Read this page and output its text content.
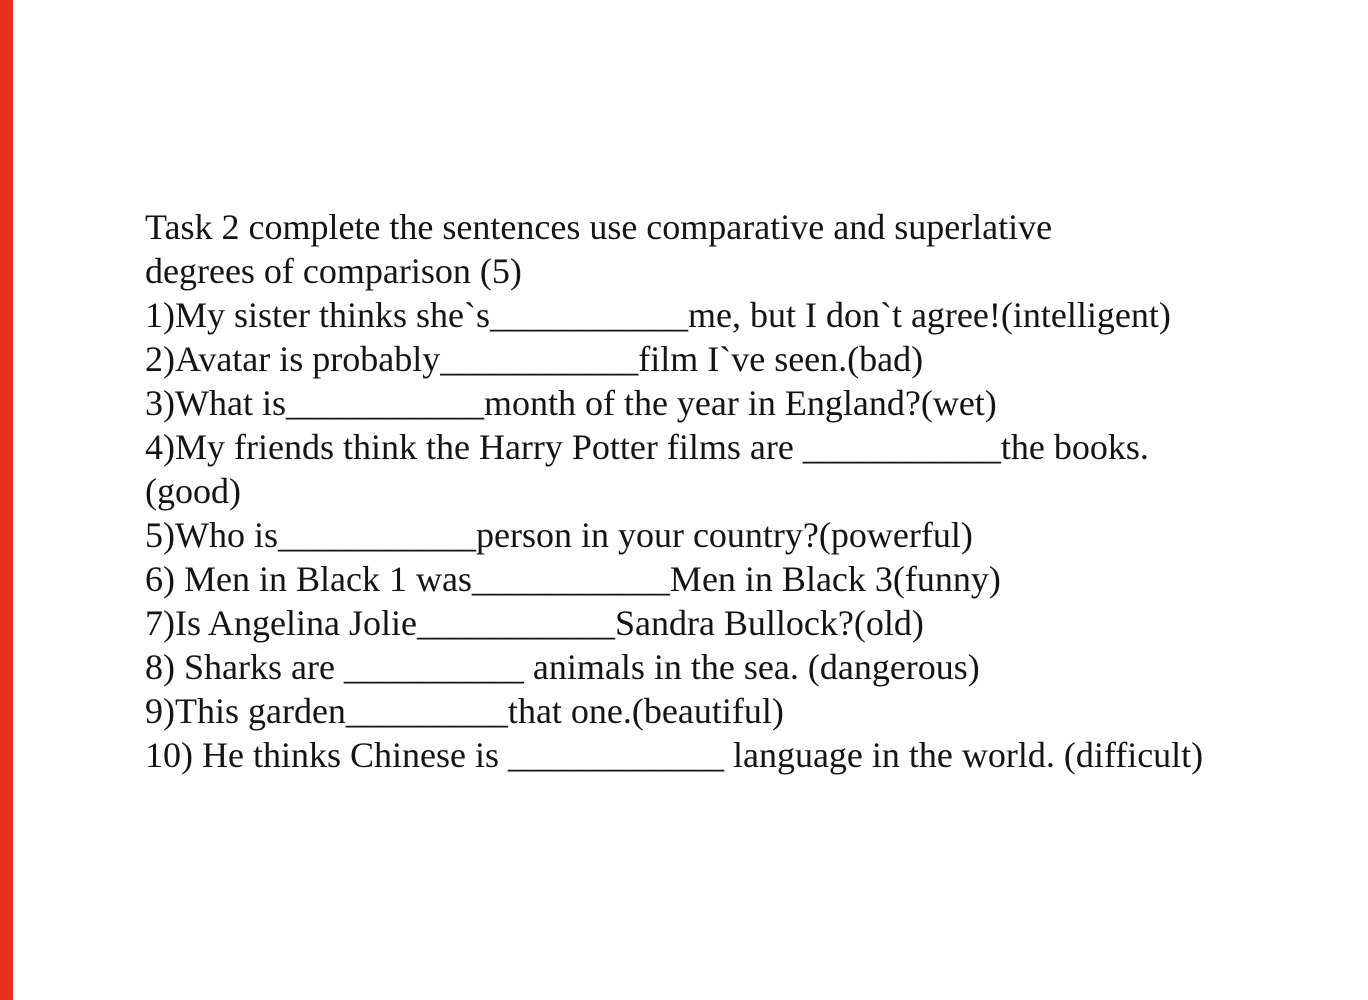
Task 2 complete the sentences use comparative and superlative
degrees of comparison (5)

1)My sister thinks she`s___________me, but I don`t agree!(intelligent)

2)Avatar is probably___________film I`ve seen.(bad)

3)What is___________month of the year in England?(wet)

4)My friends think the Harry Potter films are ___________the books.

(good)

5)Who is___________person in your country?(powerful)

6) Men in Black 1 was___________Men in Black 3(funny)

7)Is Angelina Jolie___________Sandra Bullock?(old)

8) Sharks are __________ animals in the sea. (dangerous)

9)This garden_________that one.(beautiful)

10) He thinks Chinese is ____________ language in the world. (difficult)
